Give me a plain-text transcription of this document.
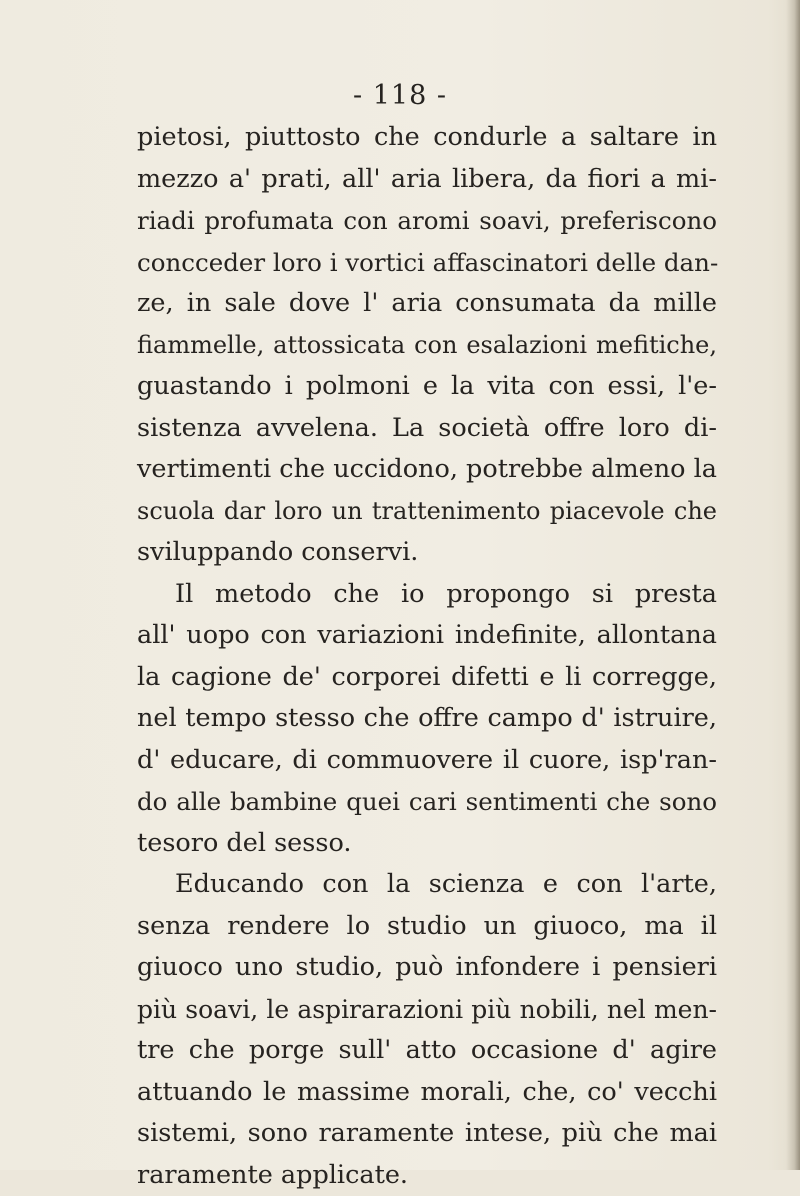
- 118 -
pietosi, piuttosto che condurle a saltare in
mezzo a' prati, all' aria libera, da fiori a mi-
riadi profumata con aromi soavi, preferiscono
concceder loro i vortici affascinatori delle dan-
ze, in sale dove l' aria consumata da mille
fiammelle, attossicata con esalazioni mefitiche,
guastando i polmoni e la vita con essi, l'e-
sistenza avvelena. La società offre loro di-
vertimenti che uccidono, potrebbe almeno la
scuola dar loro un trattenimento piacevole che
sviluppando conservi.
Il metodo che io propongo si presta
all' uopo con variazioni indefinite, allontana
la cagione de' corporei difetti e li corregge,
nel tempo stesso che offre campo d' istruire,
d' educare, di commuovere il cuore, isp'ran-
do alle bambine quei cari sentimenti che sono
tesoro del sesso.
Educando con la scienza e con l'arte,
senza rendere lo studio un giuoco, ma il
giuoco uno studio, può infondere i pensieri
più soavi, le aspirarazioni più nobili, nel men-
tre che porge sull' atto occasione d' agire
attuando le massime morali, che, co' vecchi
sistemi, sono raramente intese, più che mai
raramente applicate.
